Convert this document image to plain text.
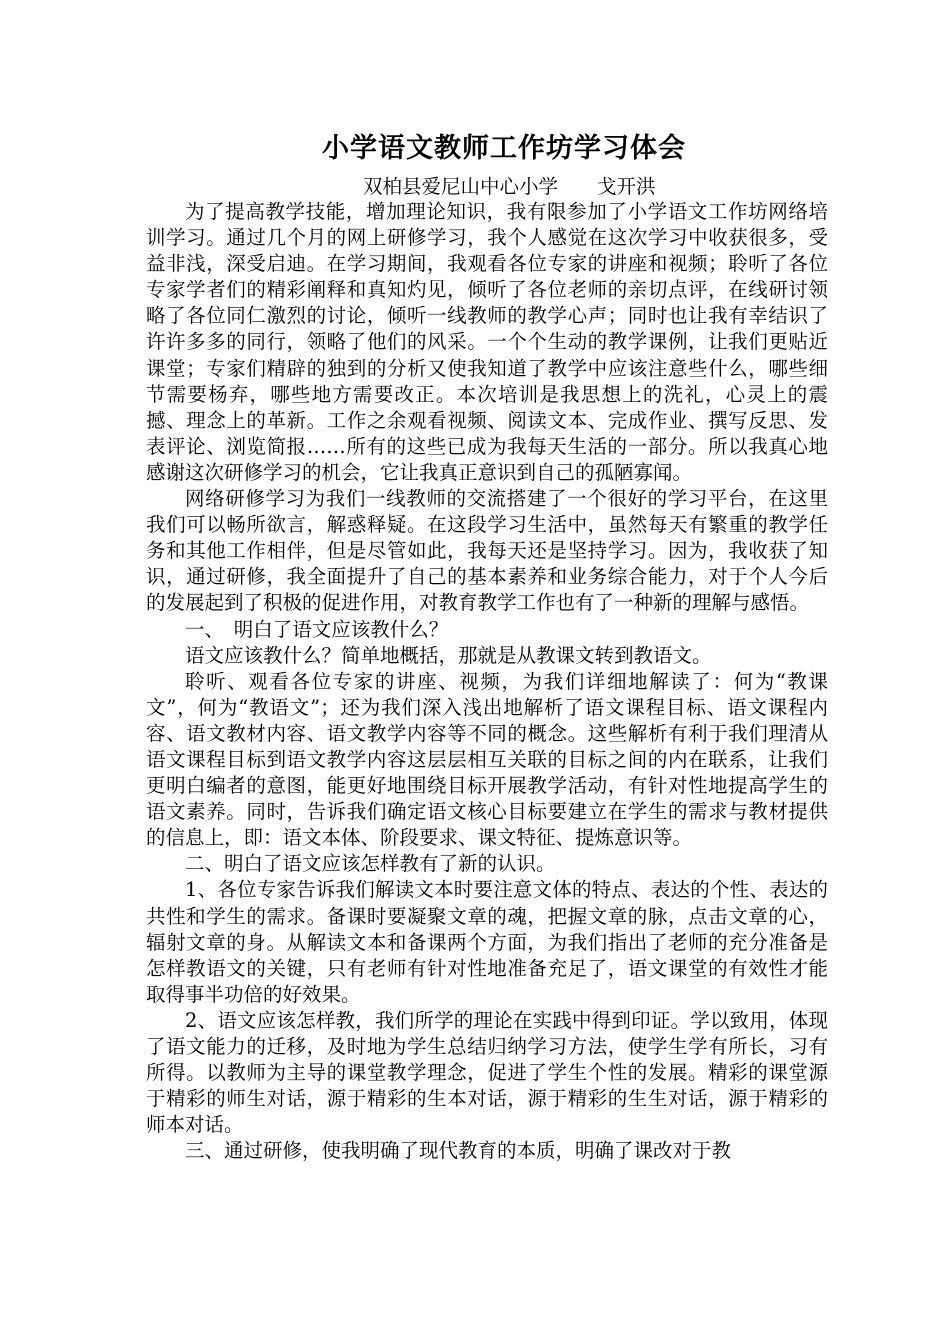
小学语文教师工作坊学习体会
双柏县爱尼山中心小学　　戈开洪

为了提高教学技能，增加理论知识，我有限参加了小学语文工作坊网络培训学习。通过几个月的网上研修学习，我个人感觉在这次学习中收获很多，受益非浅，深受启迪。在学习期间，我观看各位专家的讲座和视频；聆听了各位专家学者们的精彩阐释和真知灼见，倾听了各位老师的亲切点评，在线研讨领略了各位同仁激烈的讨论，倾听一线教师的教学心声；同时也让我有幸结识了许许多多的同行，领略了他们的风采。一个个生动的教学课例，让我们更贴近课堂；专家们精辟的独到的分析又使我知道了教学中应该注意些什么，哪些细节需要杨弃，哪些地方需要改正。本次培训是我思想上的洗礼，心灵上的震撼、理念上的革新。工作之余观看视频、阅读文本、完成作业、撰写反思、发表评论、浏览简报……所有的这些已成为我每天生活的一部分。所以我真心地感谢这次研修学习的机会，它让我真正意识到自己的孤陋寡闻。

网络研修学习为我们一线教师的交流搭建了一个很好的学习平台，在这里我们可以畅所欲言，解惑释疑。在这段学习生活中，虽然每天有繁重的教学任务和其他工作相伴，但是尽管如此，我每天还是坚持学习。因为，我收获了知识，通过研修，我全面提升了自己的基本素养和业务综合能力，对于个人今后的发展起到了积极的促进作用，对教育教学工作也有了一种新的理解与感悟。

一、　明白了语文应该教什么？

语文应该教什么？简单地概括，那就是从教课文转到教语文。

聆听、观看各位专家的讲座、视频，为我们详细地解读了：何为“教课文”，何为“教语文”；还为我们深入浅出地解析了语文课程目标、语文课程内容、语文教材内容、语文教学内容等不同的概念。这些解析有利于我们理清从语文课程目标到语文教学内容这层层相互关联的目标之间的内在联系，让我们更明白编者的意图，能更好地围绕目标开展教学活动，有针对性地提高学生的语文素养。同时，告诉我们确定语文核心目标要建立在学生的需求与教材提供的信息上，即：语文本体、阶段要求、课文特征、提炼意识等。

二、明白了语文应该怎样教有了新的认识。

1、各位专家告诉我们解读文本时要注意文体的特点、表达的个性、表达的共性和学生的需求。备课时要凝聚文章的魂，把握文章的脉，点击文章的心，辐射文章的身。从解读文本和备课两个方面，为我们指出了老师的充分准备是怎样教语文的关键，只有老师有针对性地准备充足了，语文课堂的有效性才能取得事半功倍的好效果。

2、语文应该怎样教，我们所学的理论在实践中得到印证。学以致用，体现了语文能力的迁移，及时地为学生总结归纳学习方法，使学生学有所长，习有所得。以教师为主导的课堂教学理念，促进了学生个性的发展。精彩的课堂源于精彩的师生对话，源于精彩的生本对话，源于精彩的生生对话，源于精彩的师本对话。

三、通过研修，使我明确了现代教育的本质，明确了课改对于教
